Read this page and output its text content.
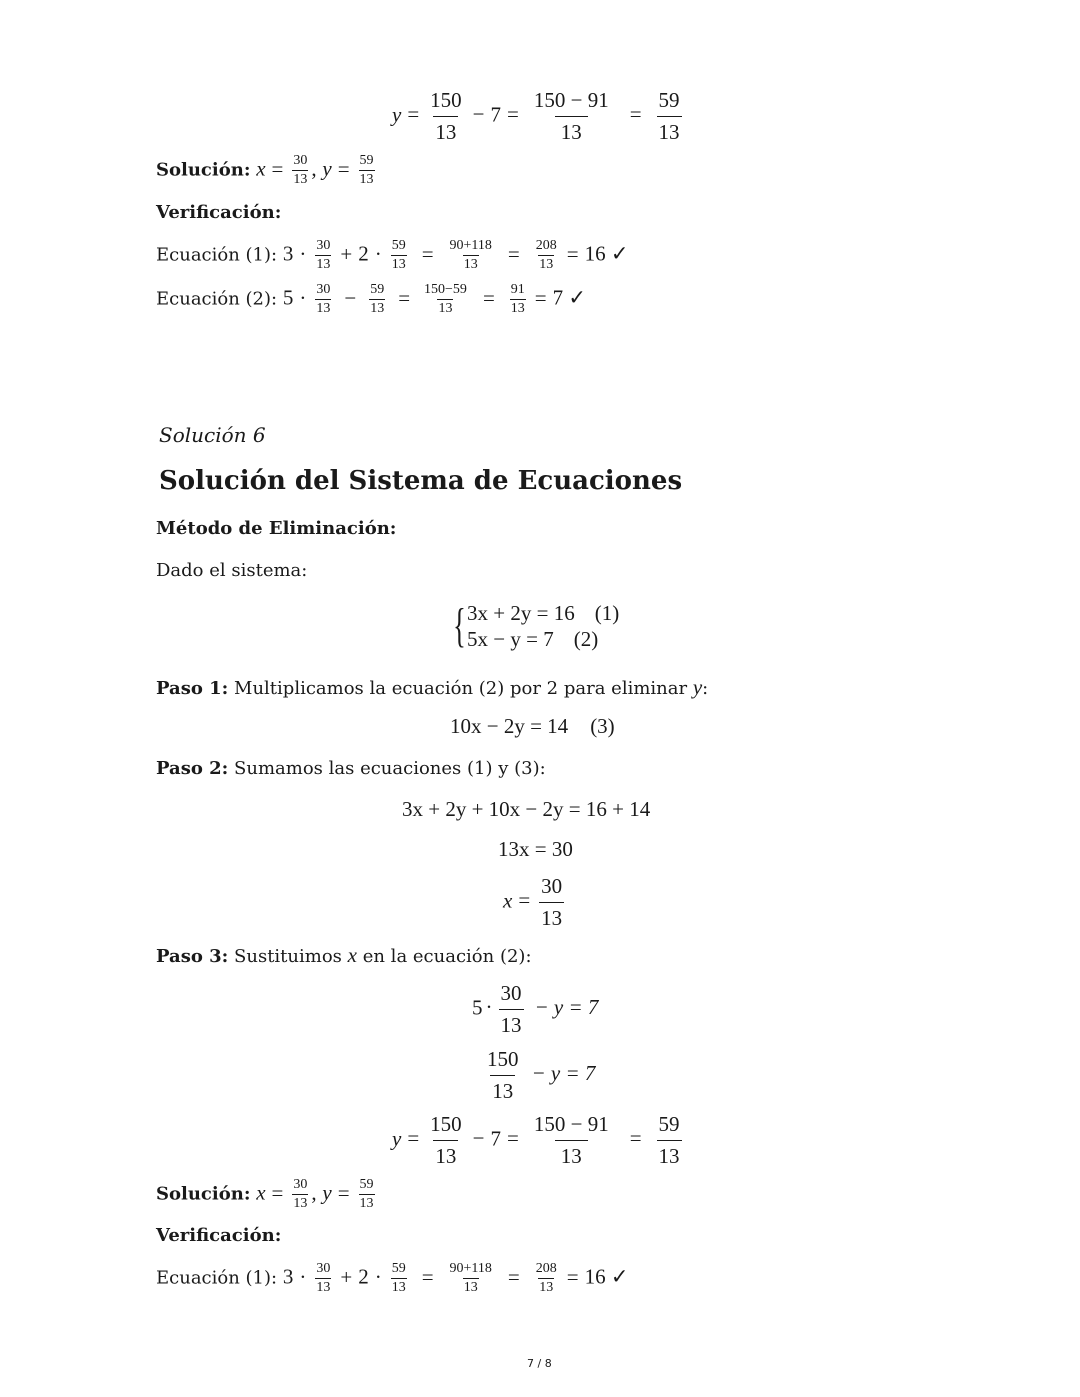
$y = \frac{150}{13} - 7 = \frac{150 - 91}{13} = \frac{59}{13}$
Solución: $x = \frac{30}{13}$ , $y = \frac{59}{13}$
Verificación:
Ecuación (1): $3 \cdot \frac{30}{13} + 2 \cdot \frac{59}{13} = \frac{90+118}{13} = \frac{208}{13} = 16$ ✓
Ecuación (2): $5 \cdot \frac{30}{13} - \frac{59}{13} = \frac{150-59}{13} = \frac{91}{13} = 7$ ✓
Solución 6
Solución del Sistema de Ecuaciones
Método de Eliminación:
Dado el sistema:
{ 3x + 2y = 16 (1)
5x − y = 7 (2)
Paso 1: Multiplicamos la ecuación (2) por 2 para eliminar y:
10x − 2y = 14 (3)
Paso 2: Sumamos las ecuaciones (1) y (3):
3x + 2y + 10x − 2y = 16 + 14
13x = 30
$x = \frac{30}{13}$
Paso 3: Sustituimos x en la ecuación (2):
$5 \cdot \frac{30}{13} - y = 7$
$\frac{150}{13} - y = 7$
$y = \frac{150}{13} - 7 = \frac{150 - 91}{13} = \frac{59}{13}$
Solución: $x = \frac{30}{13}$ , $y = \frac{59}{13}$
Verificación:
Ecuación (1): $3 \cdot \frac{30}{13} + 2 \cdot \frac{59}{13} = \frac{90+118}{13} = \frac{208}{13} = 16$ ✓
7 / 8
